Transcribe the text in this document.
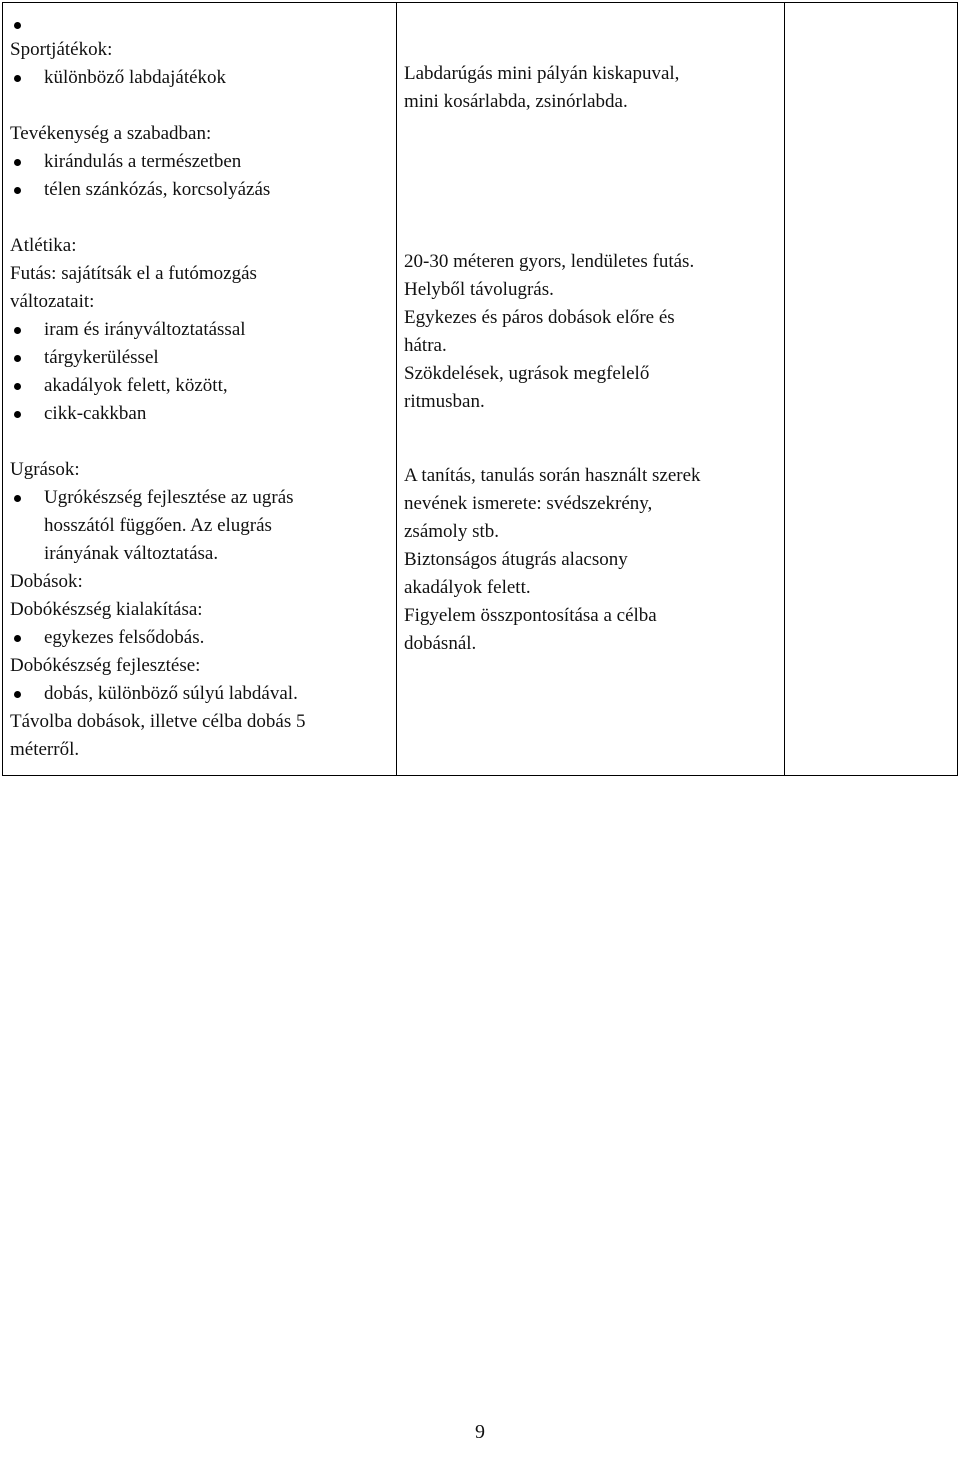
Sportjátékok:
különböző labdajátékok
Tevékenység a szabadban:
kirándulás a természetben
télen szánkózás, korcsolyázás
Atlétika:
Futás: sajátítsák el a futómozgás
változatait:
iram és irányváltoztatással
tárgykerüléssel
akadályok felett, között,
cikk-cakkban
Ugrások:
Ugrókészség fejlesztése az ugrás
hosszától függően. Az elugrás
irányának változtatása.
Dobások:
Dobókészség kialakítása:
egykezes felsődobás.
Dobókészség fejlesztése:
dobás, különböző súlyú labdával.
Távolba dobások, illetve célba dobás 5
méterről.
Labdarúgás mini pályán kiskapuval,
mini kosárlabda, zsinórlabda.
20-30 méteren gyors, lendületes futás.
Helyből távolugrás.
Egykezes és páros dobások előre és
hátra.
Szökdelések, ugrások megfelelő
ritmusban.
A tanítás, tanulás során használt szerek
nevének ismerete: svédszekrény,
zsámoly stb.
Biztonságos átugrás alacsony
akadályok felett.
Figyelem összpontosítása a célba
dobásnál.
9
